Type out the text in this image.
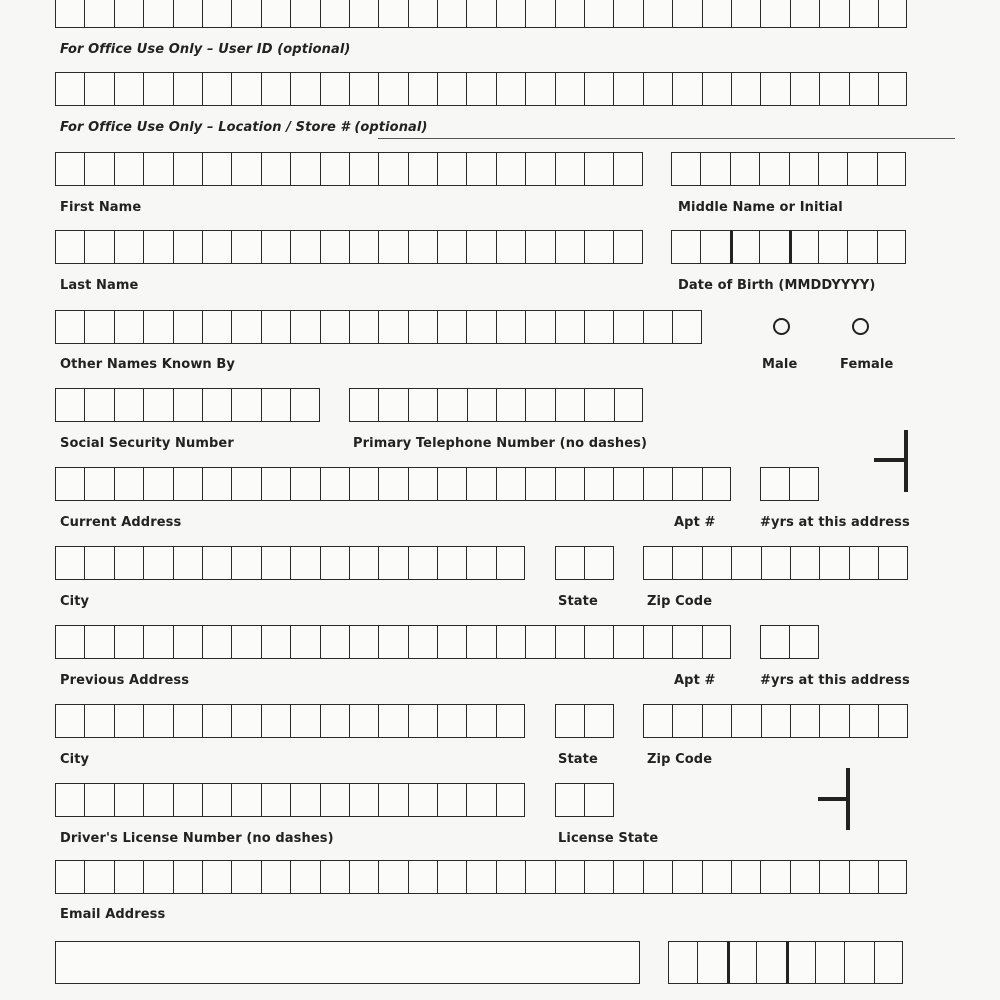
For Office Use Only – User ID (optional)
For Office Use Only – Location / Store # (optional)
First Name	Middle Name or Initial
Last Name	Date of Birth (MMDDYYYY)
Other Names Known By	Male	Female
Social Security Number	Primary Telephone Number (no dashes)
Current Address	Apt #	#yrs at this address
City	State	Zip Code
Previous Address	Apt #	#yrs at this address
City	State	Zip Code
Driver's License Number (no dashes)	License State
Email Address
